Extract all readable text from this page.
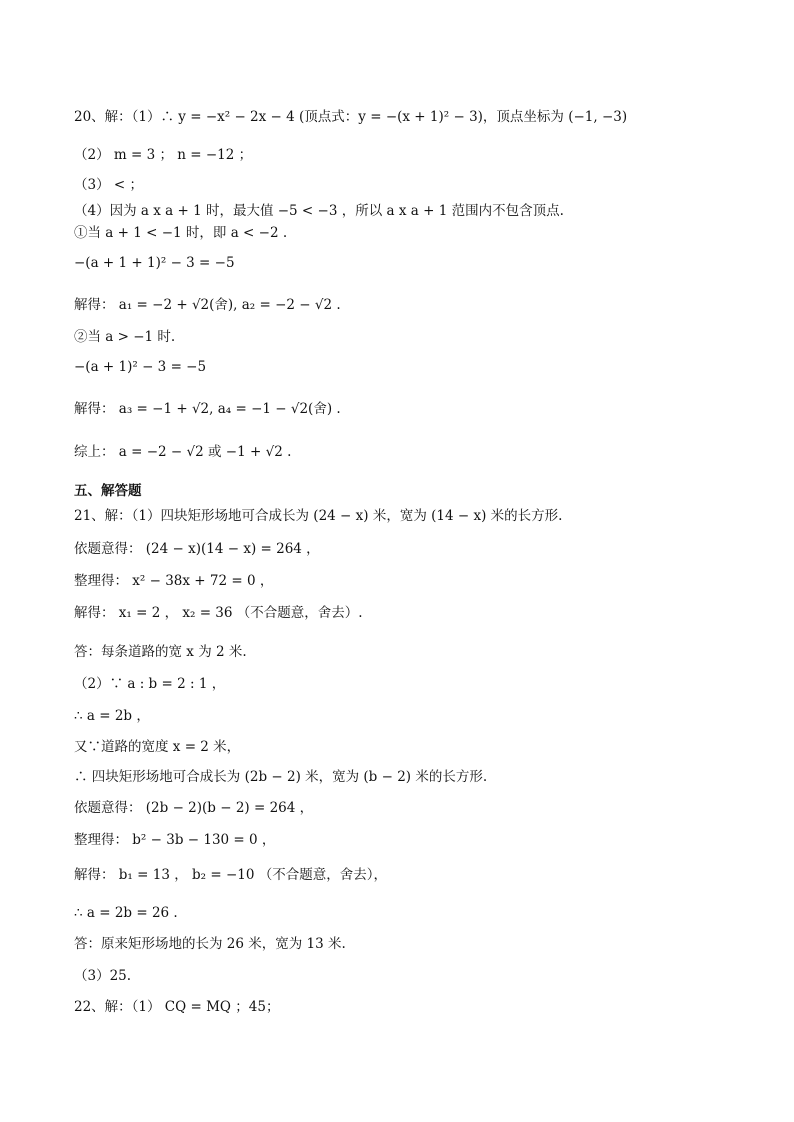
20、解：（1）∴ y = −x² − 2x − 4 (顶点式：y = −(x + 1)² − 3)，顶点坐标为 (−1, −3)
（2） m = 3 ； n = −12 ；
（3） < ；
（4）因为 a x a + 1 时，最大值 −5 < −3 ，所以 a x a + 1 范围内不包含顶点.
①当 a + 1 < −1 时，即 a < −2 .
−(a + 1 + 1)² − 3 = −5
解得： a₁ = −2 + √2(舍), a₂ = −2 − √2 .
②当 a > −1 时.
−(a + 1)² − 3 = −5
解得： a₃ = −1 + √2, a₄ = −1 − √2(舍) .
综上： a = −2 − √2 或 −1 + √2 .
五、解答题
21、解：（1）四块矩形场地可合成长为 (24 − x) 米，宽为 (14 − x) 米的长方形.
依题意得： (24 − x)(14 − x) = 264 ，
整理得： x² − 38x + 72 = 0 ，
解得： x₁ = 2 ， x₂ = 36 （不合题意，舍去）.
答：每条道路的宽 x 为 2 米.
（2）∵ a : b = 2 : 1 ，
∴ a = 2b ，
又∵道路的宽度 x = 2 米，
∴ 四块矩形场地可合成长为 (2b − 2) 米，宽为 (b − 2) 米的长方形.
依题意得： (2b − 2)(b − 2) = 264 ，
整理得： b² − 3b − 130 = 0 ，
解得： b₁ = 13 ， b₂ = −10 （不合题意，舍去），
∴ a = 2b = 26 .
答：原来矩形场地的长为 26 米，宽为 13 米.
（3）25.
22、解：（1） CQ = MQ ；45；
